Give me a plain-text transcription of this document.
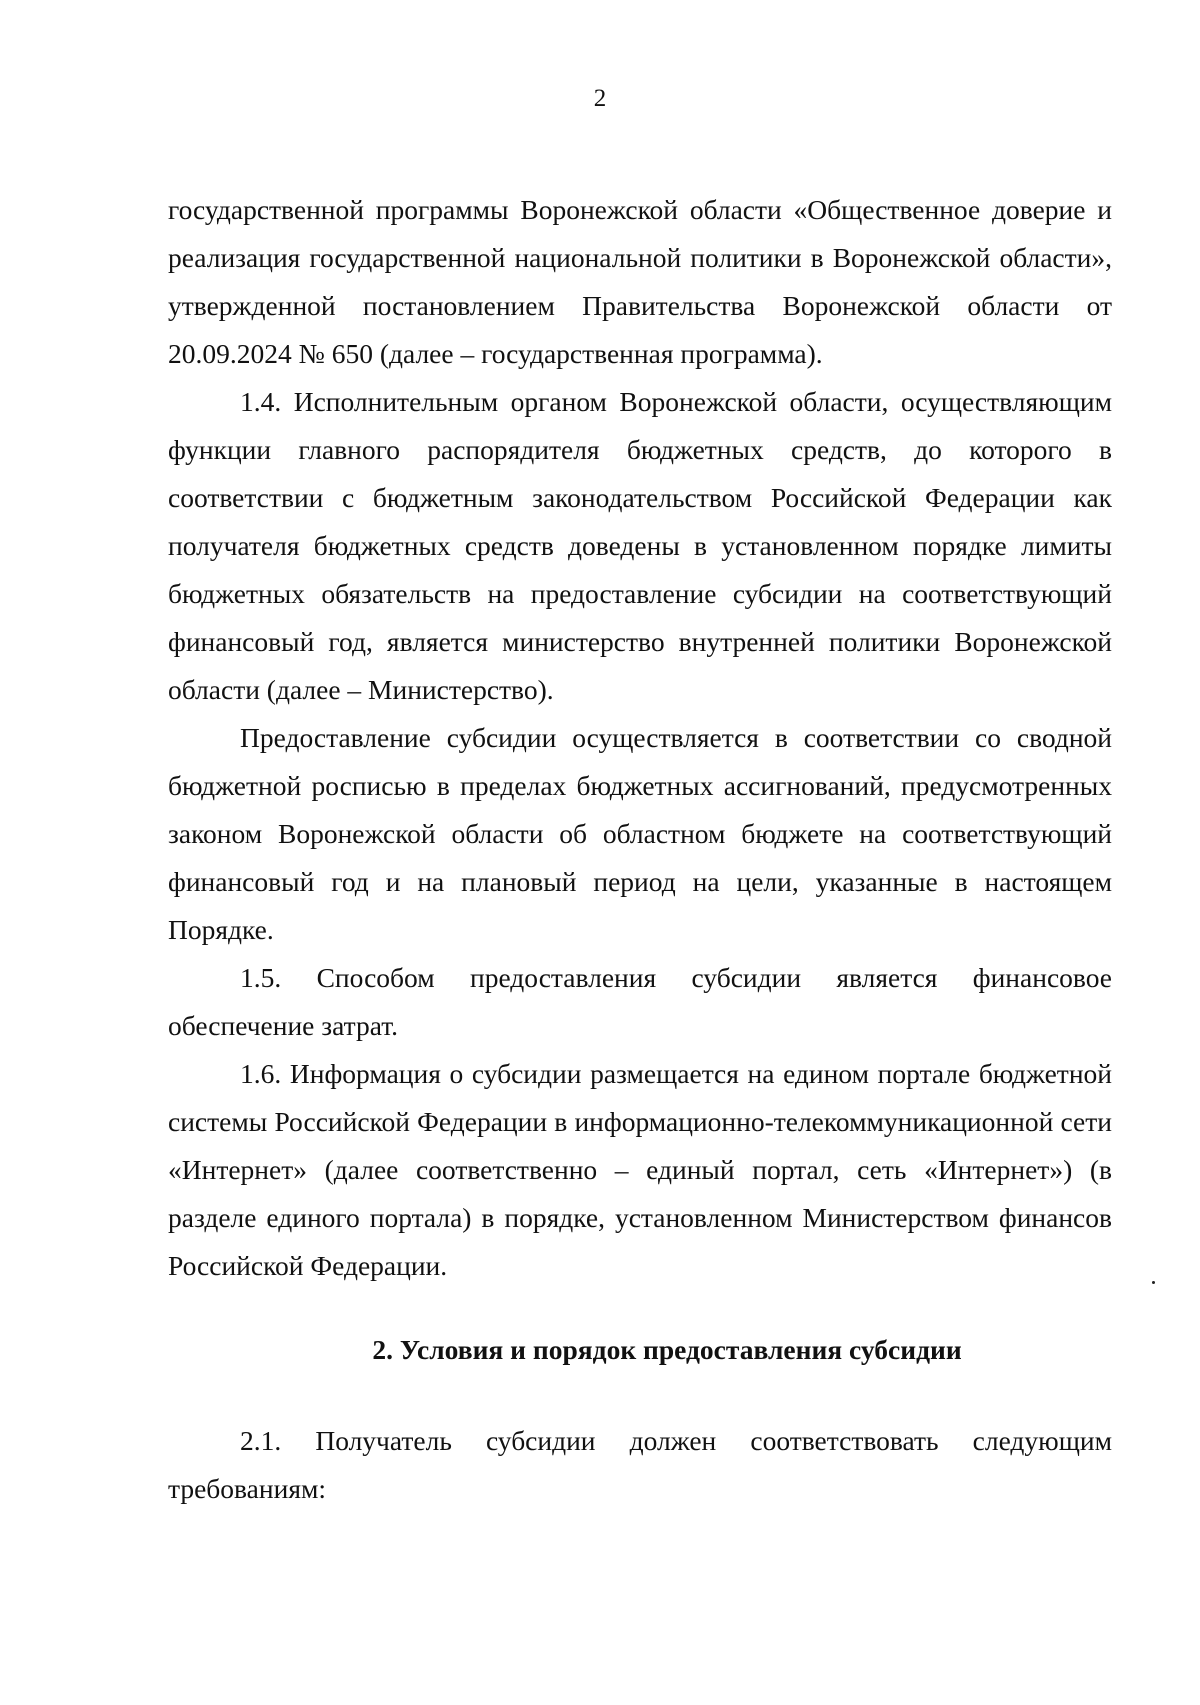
2

государственной программы Воронежской области «Общественное доверие и реализация государственной национальной политики в Воронежской области», утвержденной постановлением Правительства Воронежской области от 20.09.2024 № 650 (далее – государственная программа).

1.4. Исполнительным органом Воронежской области, осуществляющим функции главного распорядителя бюджетных средств, до которого в соответствии с бюджетным законодательством Российской Федерации как получателя бюджетных средств доведены в установленном порядке лимиты бюджетных обязательств на предоставление субсидии на соответствующий финансовый год, является министерство внутренней политики Воронежской области (далее – Министерство).

Предоставление субсидии осуществляется в соответствии со сводной бюджетной росписью в пределах бюджетных ассигнований, предусмотренных законом Воронежской области об областном бюджете на соответствующий финансовый год и на плановый период на цели, указанные в настоящем Порядке.

1.5. Способом предоставления субсидии является финансовое обеспечение затрат.

1.6. Информация о субсидии размещается на едином портале бюджетной системы Российской Федерации в информационно-телекоммуникационной сети «Интернет» (далее соответственно – единый портал, сеть «Интернет») (в разделе единого портала) в порядке, установленном Министерством финансов Российской Федерации.

2. Условия и порядок предоставления субсидии

2.1. Получатель субсидии должен соответствовать следующим требованиям:
